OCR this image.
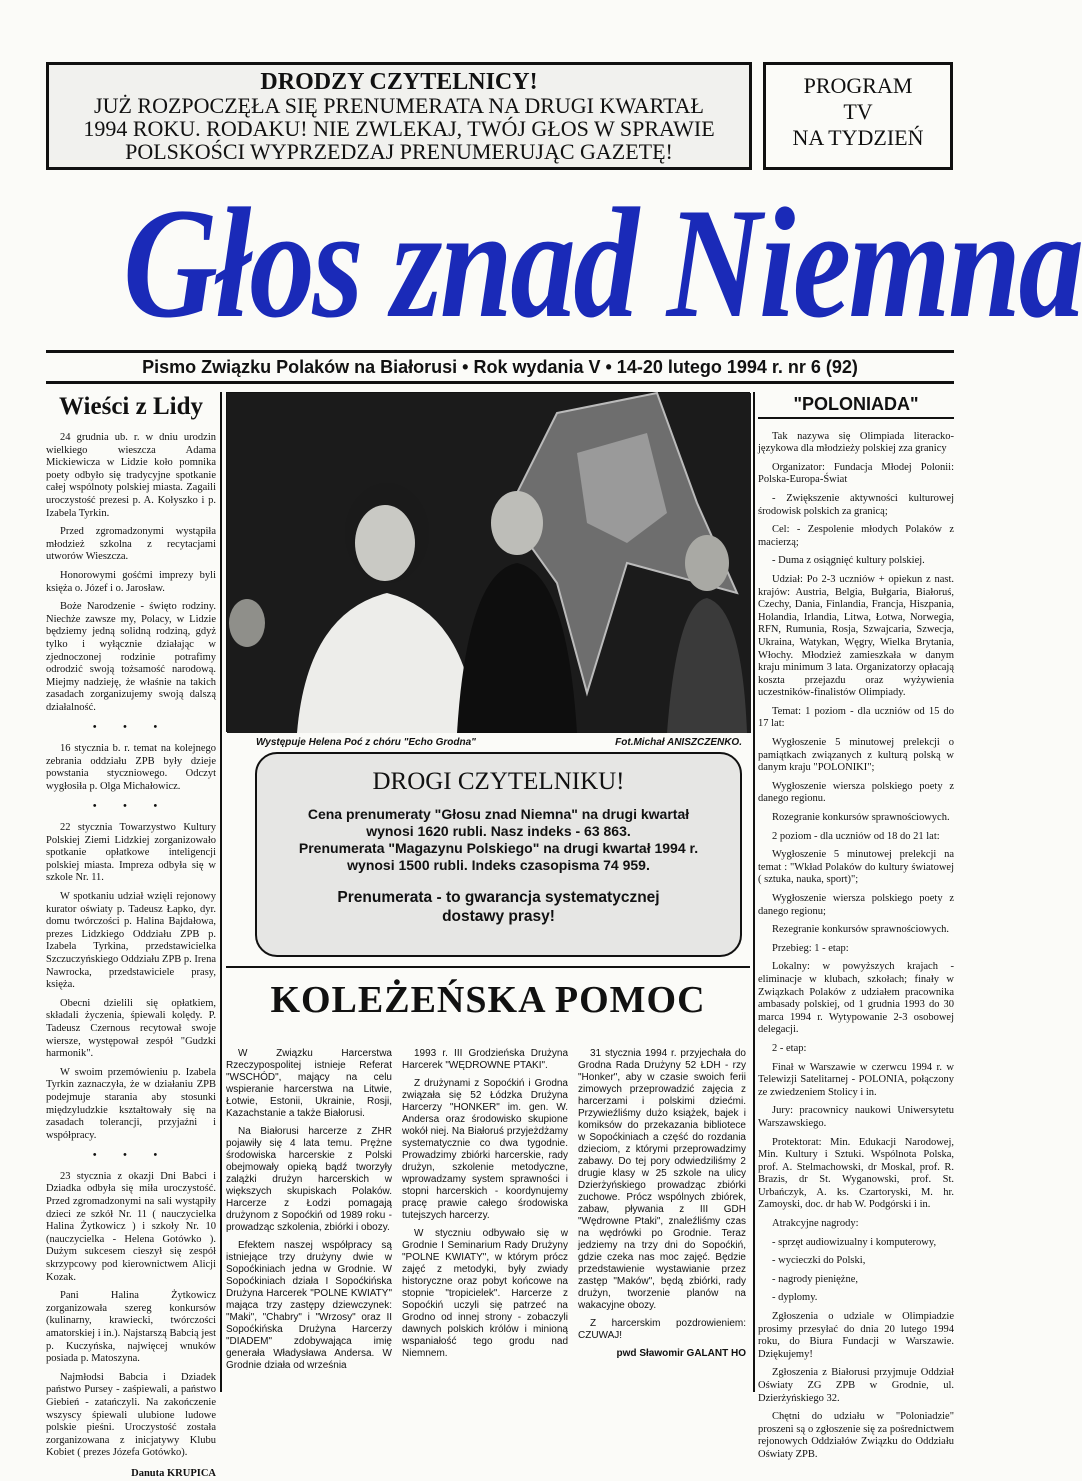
DRODZY CZYTELNICY!
JUŻ ROZPOCZĘŁA SIĘ PRENUMERATA NA DRUGI KWARTAŁ
1994 ROKU. RODAKU! NIE ZWLEKAJ, TWÓJ GŁOS W SPRAWIE
POLSKOŚCI WYPRZEDZAJ PRENUMERUJĄC GAZETĘ!
PROGRAM
TV
NA TYDZIEŃ
Głos znad Niemna
Pismo Związku Polaków na Białorusi • Rok wydania V • 14-20 lutego 1994 r. nr 6 (92)
Wieści z Lidy

24 grudnia ub. r. w dniu urodzin wielkiego wieszcza Adama Mickiewicza w Lidzie koło pomnika poety odbyło się tradycyjne spotkanie całej wspólnoty polskiej miasta. Zagaili uroczystość prezesi p. A. Kołyszko i p. Izabela Tyrkin.

Przed zgromadzonymi wystąpiła młodzież szkolna z recytacjami utworów Wieszcza.

Honorowymi gośćmi imprezy byli księża o. Józef i o. Jarosław.

Boże Narodzenie - święto rodziny. Niechże zawsze my, Polacy, w Lidzie będziemy jedną solidną rodziną, gdyż tylko i wyłącznie działając w zjednoczonej rodzinie potrafimy odrodzić swoją tożsamość narodową. Miejmy nadzieję, że właśnie na takich zasadach zorganizujemy swoją dalszą działalność.

• • •

16 stycznia b. r. temat na kolejnego zebrania oddziału ZPB były dzieje powstania styczniowego. Odczyt wygłosiła p. Olga Michałowicz.

• • •

22 stycznia Towarzystwo Kultury Polskiej Ziemi Lidzkiej zorganizowało spotkanie opłatkowe inteligencji polskiej miasta. Impreza odbyła się w szkole Nr. 11.

W spotkaniu udział wzięli rejonowy kurator oświaty p. Tadeusz Łapko, dyr. domu twórczości p. Halina Bajdałowa, prezes Lidzkiego Oddziału ZPB p. Izabela Tyrkina, przedstawicielka Szczuczyńskiego Oddziału ZPB p. Irena Nawrocka, przedstawiciele prasy, księża.

Obecni dzielili się opłatkiem, składali życzenia, śpiewali kolędy. P. Tadeusz Czernous recytował swoje wiersze, występował zespół "Gudzki harmonik".

W swoim przemówieniu p. Izabela Tyrkin zaznaczyła, że w działaniu ZPB podejmuje starania aby stosunki międzyludzkie kształtowały się na zasadach tolerancji, przyjaźni i współpracy.

• • •

23 stycznia z okazji Dni Babci i Dziadka odbyła się miła uroczystość. Przed zgromadzonymi na sali wystąpiły dzieci ze szkół Nr. 11 ( nauczycielka Halina Żytkowicz ) i szkoły Nr. 10 (nauczycielka - Helena Gotówko ). Dużym sukcesem cieszył się zespół skrzypcowy pod kierownictwem Alicji Kozak.

Pani Halina Żytkowicz zorganizowała szereg konkursów (kulinarny, krawiecki, twórczości amatorskiej i in.). Najstarszą Babcią jest p. Kuczyńska, najwięcej wnuków posiada p. Matoszyna.

Najmłodsi Babcia i Dziadek państwo Pursey - zaśpiewali, a państwo Giebień - zatańczyli. Na zakończenie wszyscy śpiewali ulubione ludowe polskie pieśni. Uroczystość została zorganizowana z inicjatywy Klubu Kobiet ( prezes Józefa Gotówko).

Danuta KRUPICA
Występuje Helena Poć z chóru "Echo Grodna"	Fot.Michał ANISZCZENKO.
DROGI CZYTELNIKU!
Cena prenumeraty "Głosu znad Niemna" na drugi kwartał
wynosi 1620 rubli. Nasz indeks - 63 863.
Prenumerata "Magazynu Polskiego" na drugi kwartał 1994 r.
wynosi 1500 rubli. Indeks czasopisma 74 959.
Prenumerata - to gwarancja systematycznej
dostawy prasy!
KOLEŻEŃSKA POMOC

W Związku Harcerstwa Rzeczypospolitej istnieje Referat "WSCHÓD", mający na celu wspieranie harcerstwa na Litwie, Łotwie, Estonii, Ukrainie, Rosji, Kazachstanie a także Białorusi.

Na Białorusi harcerze z ZHR pojawiły się 4 lata temu. Prężne środowiska harcerskie z Polski obejmowały opieką bądź tworzyły zalążki drużyn harcerskich w większych skupiskach Polaków. Harcerze z Łodzi pomagają drużynom z Sopoćkiń od 1989 roku - prowadząc szkolenia, zbiórki i obozy.

Efektem naszej współpracy są istniejące trzy drużyny dwie w Sopoćkiniach jedna w Grodnie. W Sopoćkiniach działa I Sopoćkińska Drużyna Harcerek "POLNE KWIATY" mająca trzy zastępy dziewczynek: "Maki", "Chabry" i "Wrzosy" oraz II Sopoćkińska Drużyna Harcerzy "DIADEM" zdobywająca imię generała Władysława Andersa. W Grodnie działa od września

1993 r. III Grodzieńska Drużyna Harcerek "WĘDROWNE PTAKI".

Z drużynami z Sopoćkiń i Grodna związała się 52 Łódzka Drużyna Harcerzy "HONKER" im. gen. W. Andersa oraz środowisko skupione wokół niej. Na Białoruś przyjeżdżamy systematycznie co dwa tygodnie. Prowadzimy zbiórki harcerskie, rady drużyn, szkolenie metodyczne, wprowadzamy system sprawności i stopni harcerskich - koordynujemy pracę prawie całego środowiska tutejszych harcerzy.

W styczniu odbywało się w Grodnie I Seminarium Rady Drużyny "POLNE KWIATY", w którym prócz zajęć z metodyki, były zwiady historyczne oraz pobyt końcowe na stopnie "tropicielek". Harcerze z Sopoćkiń uczyli się patrzeć na Grodno od innej strony - zobaczyli dawnych polskich królów i minioną wspaniałość tego grodu nad Niemnem.

31 stycznia 1994 r. przyjechała do Grodna Rada Drużyny 52 ŁDH - rzy "Honker", aby w czasie swoich ferii zimowych przeprowadzić zajęcia z harcerzami i polskimi dziećmi. Przywieźliśmy dużo książek, bajek i komiksów do przekazania bibliotece w Sopoćkiniach a część do rozdania dzieciom, z którymi przeprowadzimy zabawy. Do tej pory odwiedziliśmy 2 drugie klasy w 25 szkole na ulicy Dzierżyńskiego prowadząc zbiórki zuchowe. Prócz wspólnych zbiórek, zabaw, pływania z III GDH "Wędrowne Ptaki", znaleźliśmy czas na wędrówki po Grodnie. Teraz jedziemy na trzy dni do Sopoćkiń, gdzie czeka nas moc zajęć. Będzie przedstawienie wystawianie przez zastęp "Maków", będą zbiórki, rady drużyn, tworzenie planów na wakacyjne obozy.

Z harcerskim pozdrowieniem: CZUWAJ!

pwd Sławomir GALANT HO

"POLONIADA"

Tak nazywa się Olimpiada literacko-językowa dla młodzieży polskiej zza granicy

Organizator: Fundacja Młodej Polonii: Polska-Europa-Świat

- Zwiększenie aktywności kulturowej środowisk polskich za granicą;

Cel: - Zespolenie młodych Polaków z macierzą;

- Duma z osiągnięć kultury polskiej.

Udział: Po 2-3 uczniów + opiekun z nast. krajów: Austria, Belgia, Bułgaria, Białoruś, Czechy, Dania, Finlandia, Francja, Hiszpania, Holandia, Irlandia, Litwa, Łotwa, Norwegia, RFN, Rumunia, Rosja, Szwajcaria, Szwecja, Ukraina, Watykan, Węgry, Wielka Brytania, Włochy. Młodzież zamieszkała w danym kraju minimum 3 lata. Organizatorzy opłacają koszta przejazdu oraz wyżywienia uczestników-finalistów Olimpiady.

Temat: 1 poziom - dla uczniów od 15 do 17 lat:

Wygłoszenie 5 minutowej prelekcji o pamiątkach związanych z kulturą polską w danym kraju "POLONIKI";

Wygłoszenie wiersza polskiego poety z danego regionu.

Rozegranie konkursów sprawnościowych.

2 poziom - dla uczniów od 18 do 21 lat:

Wygłoszenie 5 minutowej prelekcji na temat : "Wkład Polaków do kultury światowej ( sztuka, nauka, sport)";

Wygłoszenie wiersza polskiego poety z danego regionu;

Rezegranie konkursów sprawnościowych.

Przebieg: 1 - etap:

Lokalny: w powyższych krajach - eliminacje w klubach, szkołach; finały w Związkach Polaków z udziałem pracownika ambasady polskiej, od 1 grudnia 1993 do 30 marca 1994 r. Wytypowanie 2-3 osobowej delegacji.

2 - etap:

Finał w Warszawie w czerwcu 1994 r. w Telewizji Satelitarnej - POLONIA, połączony ze zwiedzeniem Stolicy i in.

Jury: pracownicy naukowi Uniwersytetu Warszawskiego.

Protektorat: Min. Edukacji Narodowej, Min. Kultury i Sztuki. Wspólnota Polska, prof. A. Stelmachowski, dr Moskal, prof. R. Brazis, dr St. Wyganowski, prof. St. Urbańczyk, A. ks. Czartoryski, M. hr. Zamoyski, doc. dr hab W. Podgórski i in.

Atrakcyjne nagrody:

- sprzęt audiowizualny i komputerowy,

- wycieczki do Polski,

- nagrody pieniężne,

- dyplomy.

Zgłoszenia o udziale w Olimpiadzie prosimy przesyłać do dnia 20 lutego 1994 roku, do Biura Fundacji w Warszawie. Dziękujemy!

Zgłoszenia z Białorusi przyjmuje Oddział Oświaty ZG ZPB w Grodnie, ul. Dzierżyńskiego 32.

Chętni do udziału w "Poloniadzie" proszeni są o zgłoszenie się za pośrednictwem rejonowych Oddziałów Związku do Oddziału Oświaty ZPB.
